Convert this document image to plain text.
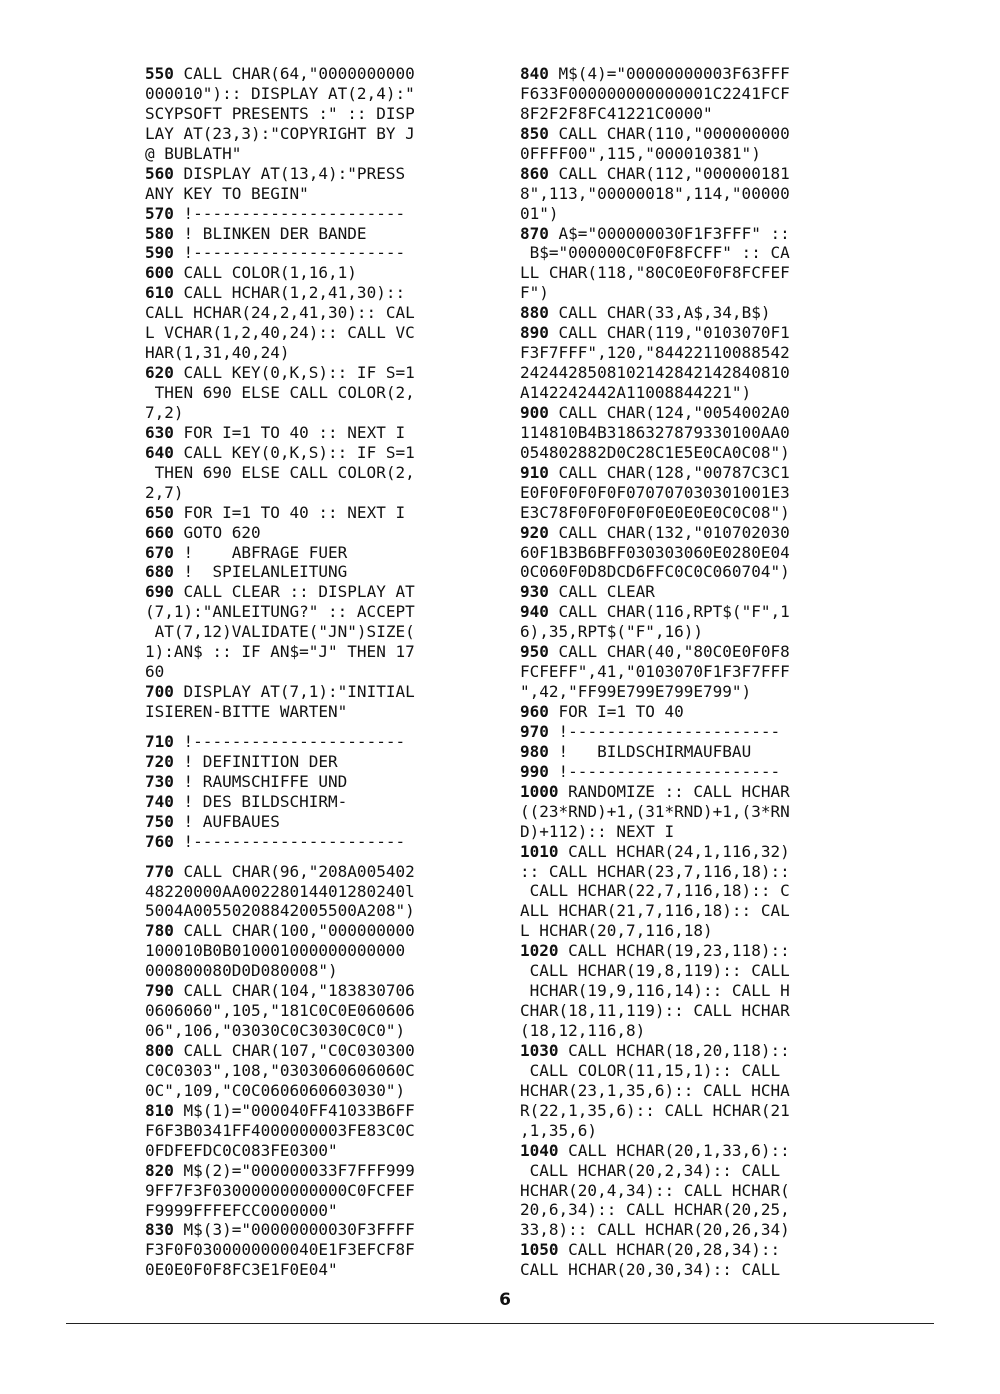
550 CALL CHAR(64,"0000000000
000010"):: DISPLAY AT(2,4):"
SCYPSOFT PRESENTS :" :: DISP
LAY AT(23,3):"COPYRIGHT BY J
@ BUBLATH"
560 DISPLAY AT(13,4):"PRESS
ANY KEY TO BEGIN"
570 !----------------------
580 ! BLINKEN DER BANDE
590 !----------------------
600 CALL COLOR(1,16,1)
610 CALL HCHAR(1,2,41,30)::
CALL HCHAR(24,2,41,30):: CAL
L VCHAR(1,2,40,24):: CALL VC
HAR(1,31,40,24)
620 CALL KEY(0,K,S):: IF S=1
THEN 690 ELSE CALL COLOR(2,
7,2)
630 FOR I=1 TO 40 :: NEXT I
640 CALL KEY(0,K,S):: IF S=1
THEN 690 ELSE CALL COLOR(2,
2,7)
650 FOR I=1 TO 40 :: NEXT I
660 GOTO 620
670 !    ABFRAGE FUER
680 !  SPIELANLEITUNG
690 CALL CLEAR :: DISPLAY AT
(7,1):"ANLEITUNG?" :: ACCEPT
AT(7,12)VALIDATE("JN")SIZE(
1):AN$ :: IF AN$="J" THEN 17
60
700 DISPLAY AT(7,1):"INITIAL
ISIEREN-BITTE WARTEN"
710 !----------------------
720 ! DEFINITION DER
730 ! RAUMSCHIFFE UND
740 ! DES BILDSCHIRM-
750 ! AUFBAUES
760 !----------------------
770 CALL CHAR(96,"208A005402
48220000AA00228014401280240l
5004A00550208842005500A208")
780 CALL CHAR(100,"000000000
100010B0B010001000000000000
000800080D0D080008")
790 CALL CHAR(104,"183830706
0606060",105,"181C0C0E060606
06",106,"03030C0C3030C0C0")
800 CALL CHAR(107,"C0C030300
C0C0303",108,"0303060606060C
0C",109,"C0C0606060603030")
810 M$(1)="000040FF41033B6FF
F6F3B0341FF4000000003FE83C0C
0FDFEFDC0C083FE0300"
820 M$(2)="000000033F7FFF999
9FF7F3F03000000000000C0FCFEF
F9999FFFEFCC0000000"
830 M$(3)="00000000030F3FFFF
F3F0F0300000000040E1F3EFCF8F
0E0E0F0F8FC3E1F0E04"
840 M$(4)="00000000003F63FFF
F633F000000000000001C2241FCF
8F2F2F8FC41221C0000"
850 CALL CHAR(110,"000000000
0FFFF00",115,"000010381")
860 CALL CHAR(112,"000000181
8",113,"00000018",114,"00000
01")
870 A$="000000030F1F3FFF" ::
B$="000000C0F0F8FCFF" :: CA
LL CHAR(118,"80C0E0F0F8FCFEF
F")
880 CALL CHAR(33,A$,34,B$)
890 CALL CHAR(119,"0103070F1
F3F7FFF",120,"84422110088542
2424428508102142842142840810
A142242442A11008844221")
900 CALL CHAR(124,"0054002A0
114810B4B3186327879330100AA0
054802882D0C28C1E5E0CA0C08")
910 CALL CHAR(128,"00787C3C1
E0F0F0F0F0F070707030301001E3
E3C78F0F0F0F0F0E0E0E0C0C08")
920 CALL CHAR(132,"010702030
60F1B3B6BFF030303060E0280E04
0C060F0D8DCD6FFC0C0C060704")
930 CALL CLEAR
940 CALL CHAR(116,RPT$("F",1
6),35,RPT$("F",16))
950 CALL CHAR(40,"80C0E0F0F8
FCFEFF",41,"0103070F1F3F7FFF
",42,"FF99E799E799E799")
960 FOR I=1 TO 40
970 !----------------------
980 !   BILDSCHIRMAUFBAU
990 !----------------------
1000 RANDOMIZE :: CALL HCHAR
((23*RND)+1,(31*RND)+1,(3*RN
D)+112):: NEXT I
1010 CALL HCHAR(24,1,116,32)
:: CALL HCHAR(23,7,116,18)::
CALL HCHAR(22,7,116,18):: C
ALL HCHAR(21,7,116,18):: CAL
L HCHAR(20,7,116,18)
1020 CALL HCHAR(19,23,118)::
CALL HCHAR(19,8,119):: CALL
HCHAR(19,9,116,14):: CALL H
CHAR(18,11,119):: CALL HCHAR
(18,12,116,8)
1030 CALL HCHAR(18,20,118)::
CALL COLOR(11,15,1):: CALL
HCHAR(23,1,35,6):: CALL HCHA
R(22,1,35,6):: CALL HCHAR(21
,1,35,6)
1040 CALL HCHAR(20,1,33,6)::
CALL HCHAR(20,2,34):: CALL
HCHAR(20,4,34):: CALL HCHAR(
20,6,34):: CALL HCHAR(20,25,
33,8):: CALL HCHAR(20,26,34)
1050 CALL HCHAR(20,28,34)::
CALL HCHAR(20,30,34):: CALL
6
